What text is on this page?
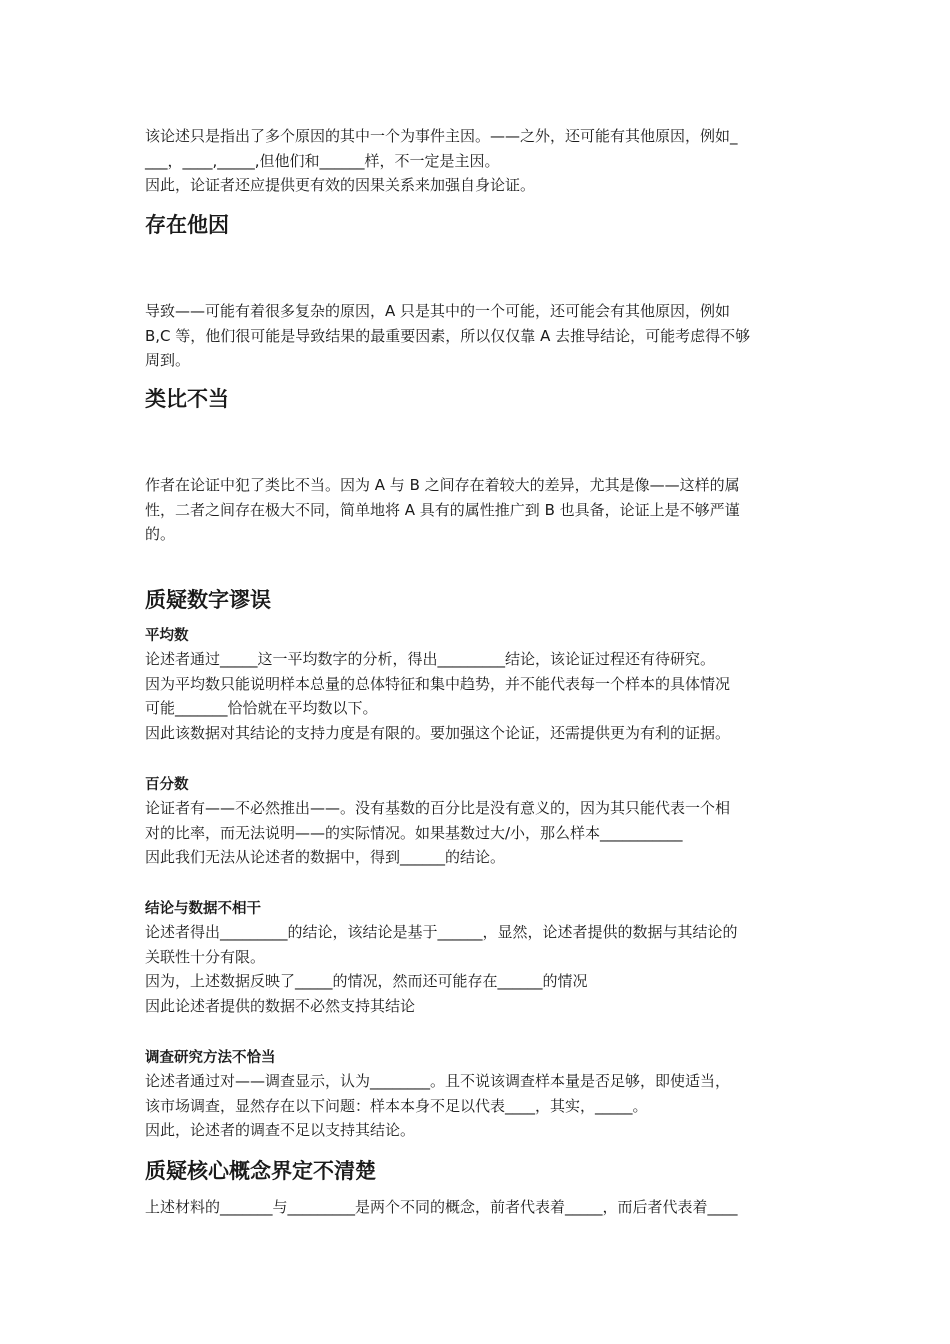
该论述只是指出了多个原因的其中一个为事件主因。——之外，还可能有其他原因，例如_

___，____,_____,但他们和______样，不一定是主因。

因此，论证者还应提供更有效的因果关系来加强自身论证。

存在他因

导致——可能有着很多复杂的原因，A 只是其中的一个可能，还可能会有其他原因，例如

B,C 等，他们很可能是导致结果的最重要因素，所以仅仅靠 A 去推导结论，可能考虑得不够

周到。

类比不当

作者在论证中犯了类比不当。因为 A 与 B 之间存在着较大的差异，尤其是像——这样的属

性，二者之间存在极大不同，简单地将 A 具有的属性推广到 B 也具备，论证上是不够严谨

的。

质疑数字谬误

平均数

论述者通过_____这一平均数字的分析，得出_________结论，该论证过程还有待研究。

因为平均数只能说明样本总量的总体特征和集中趋势，并不能代表每一个样本的具体情况

可能_______恰恰就在平均数以下。

因此该数据对其结论的支持力度是有限的。要加强这个论证，还需提供更为有利的证据。

百分数

论证者有——不必然推出——。没有基数的百分比是没有意义的，因为其只能代表一个相

对的比率，而无法说明——的实际情况。如果基数过大/小，那么样本___________

因此我们无法从论述者的数据中，得到______的结论。

结论与数据不相干

论述者得出_________的结论，该结论是基于______，显然，论述者提供的数据与其结论的

关联性十分有限。

因为，上述数据反映了_____的情况，然而还可能存在______的情况

因此论述者提供的数据不必然支持其结论

调查研究方法不恰当

论述者通过对——调查显示，认为________。且不说该调查样本量是否足够，即使适当，

该市场调查，显然存在以下问题：样本本身不足以代表____，其实，_____。

因此，论述者的调查不足以支持其结论。

质疑核心概念界定不清楚

上述材料的_______与_________是两个不同的概念，前者代表着_____，而后者代表着____
